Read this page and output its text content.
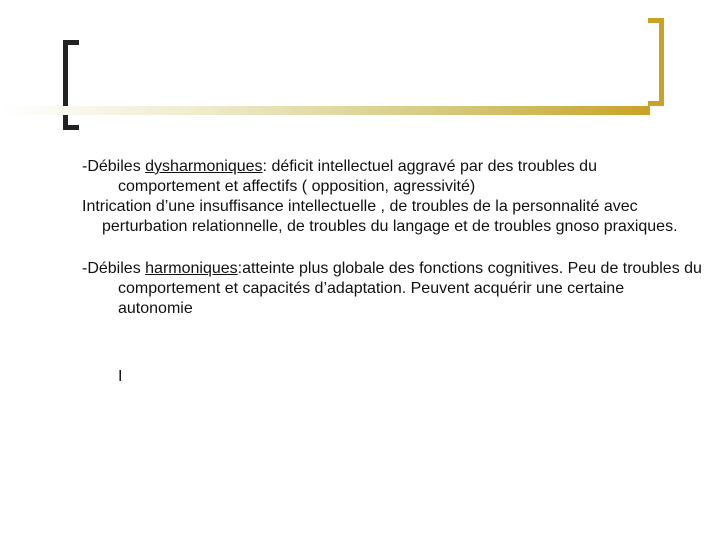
-Débiles dysharmoniques: déficit intellectuel aggravé par des troubles du comportement et affectifs ( opposition, agressivité)

Intrication d’une insuffisance intellectuelle , de troubles de la personnalité avec perturbation relationnelle, de troubles du langage et de troubles gnoso praxiques.

-Débiles harmoniques:atteinte plus globale des fonctions cognitives. Peu de troubles du comportement et capacités d’adaptation. Peuvent acquérir une certaine autonomie

I
